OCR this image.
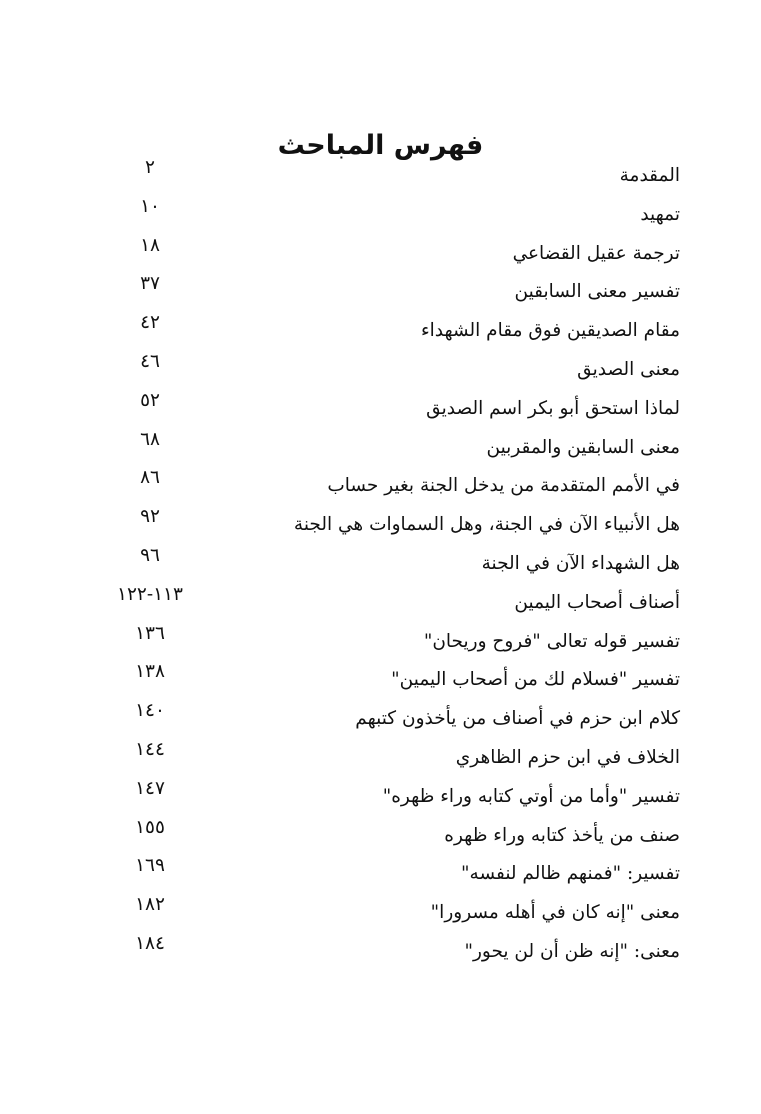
فهرس المباحث
المقدمة
٢
تمهيد
١٠
ترجمة عقيل القضاعي
١٨
تفسير معنى السابقين
٣٧
مقام الصديقين فوق مقام الشهداء
٤٢
معنى الصديق
٤٦
لماذا استحق أبو بكر اسم الصديق
٥٢
معنى السابقين والمقربين
٦٨
في الأمم المتقدمة من يدخل الجنة بغير حساب
٨٦
هل الأنبياء الآن في الجنة، وهل السماوات هي الجنة
٩٢
هل الشهداء الآن في الجنة
٩٦
أصناف أصحاب اليمين
١١٣-١٢٢
تفسير قوله تعالى "فروح وريحان"
١٣٦
تفسير "فسلام لك من أصحاب اليمين"
١٣٨
كلام ابن حزم في أصناف من يأخذون كتبهم
١٤٠
الخلاف في ابن حزم الظاهري
١٤٤
تفسير "وأما من أوتي كتابه وراء ظهره"
١٤٧
صنف من يأخذ كتابه وراء ظهره
١٥٥
تفسير: "فمنهم ظالم لنفسه"
١٦٩
معنى "إنه كان في أهله مسرورا"
١٨٢
معنى: "إنه ظن أن لن يحور"
١٨٤
